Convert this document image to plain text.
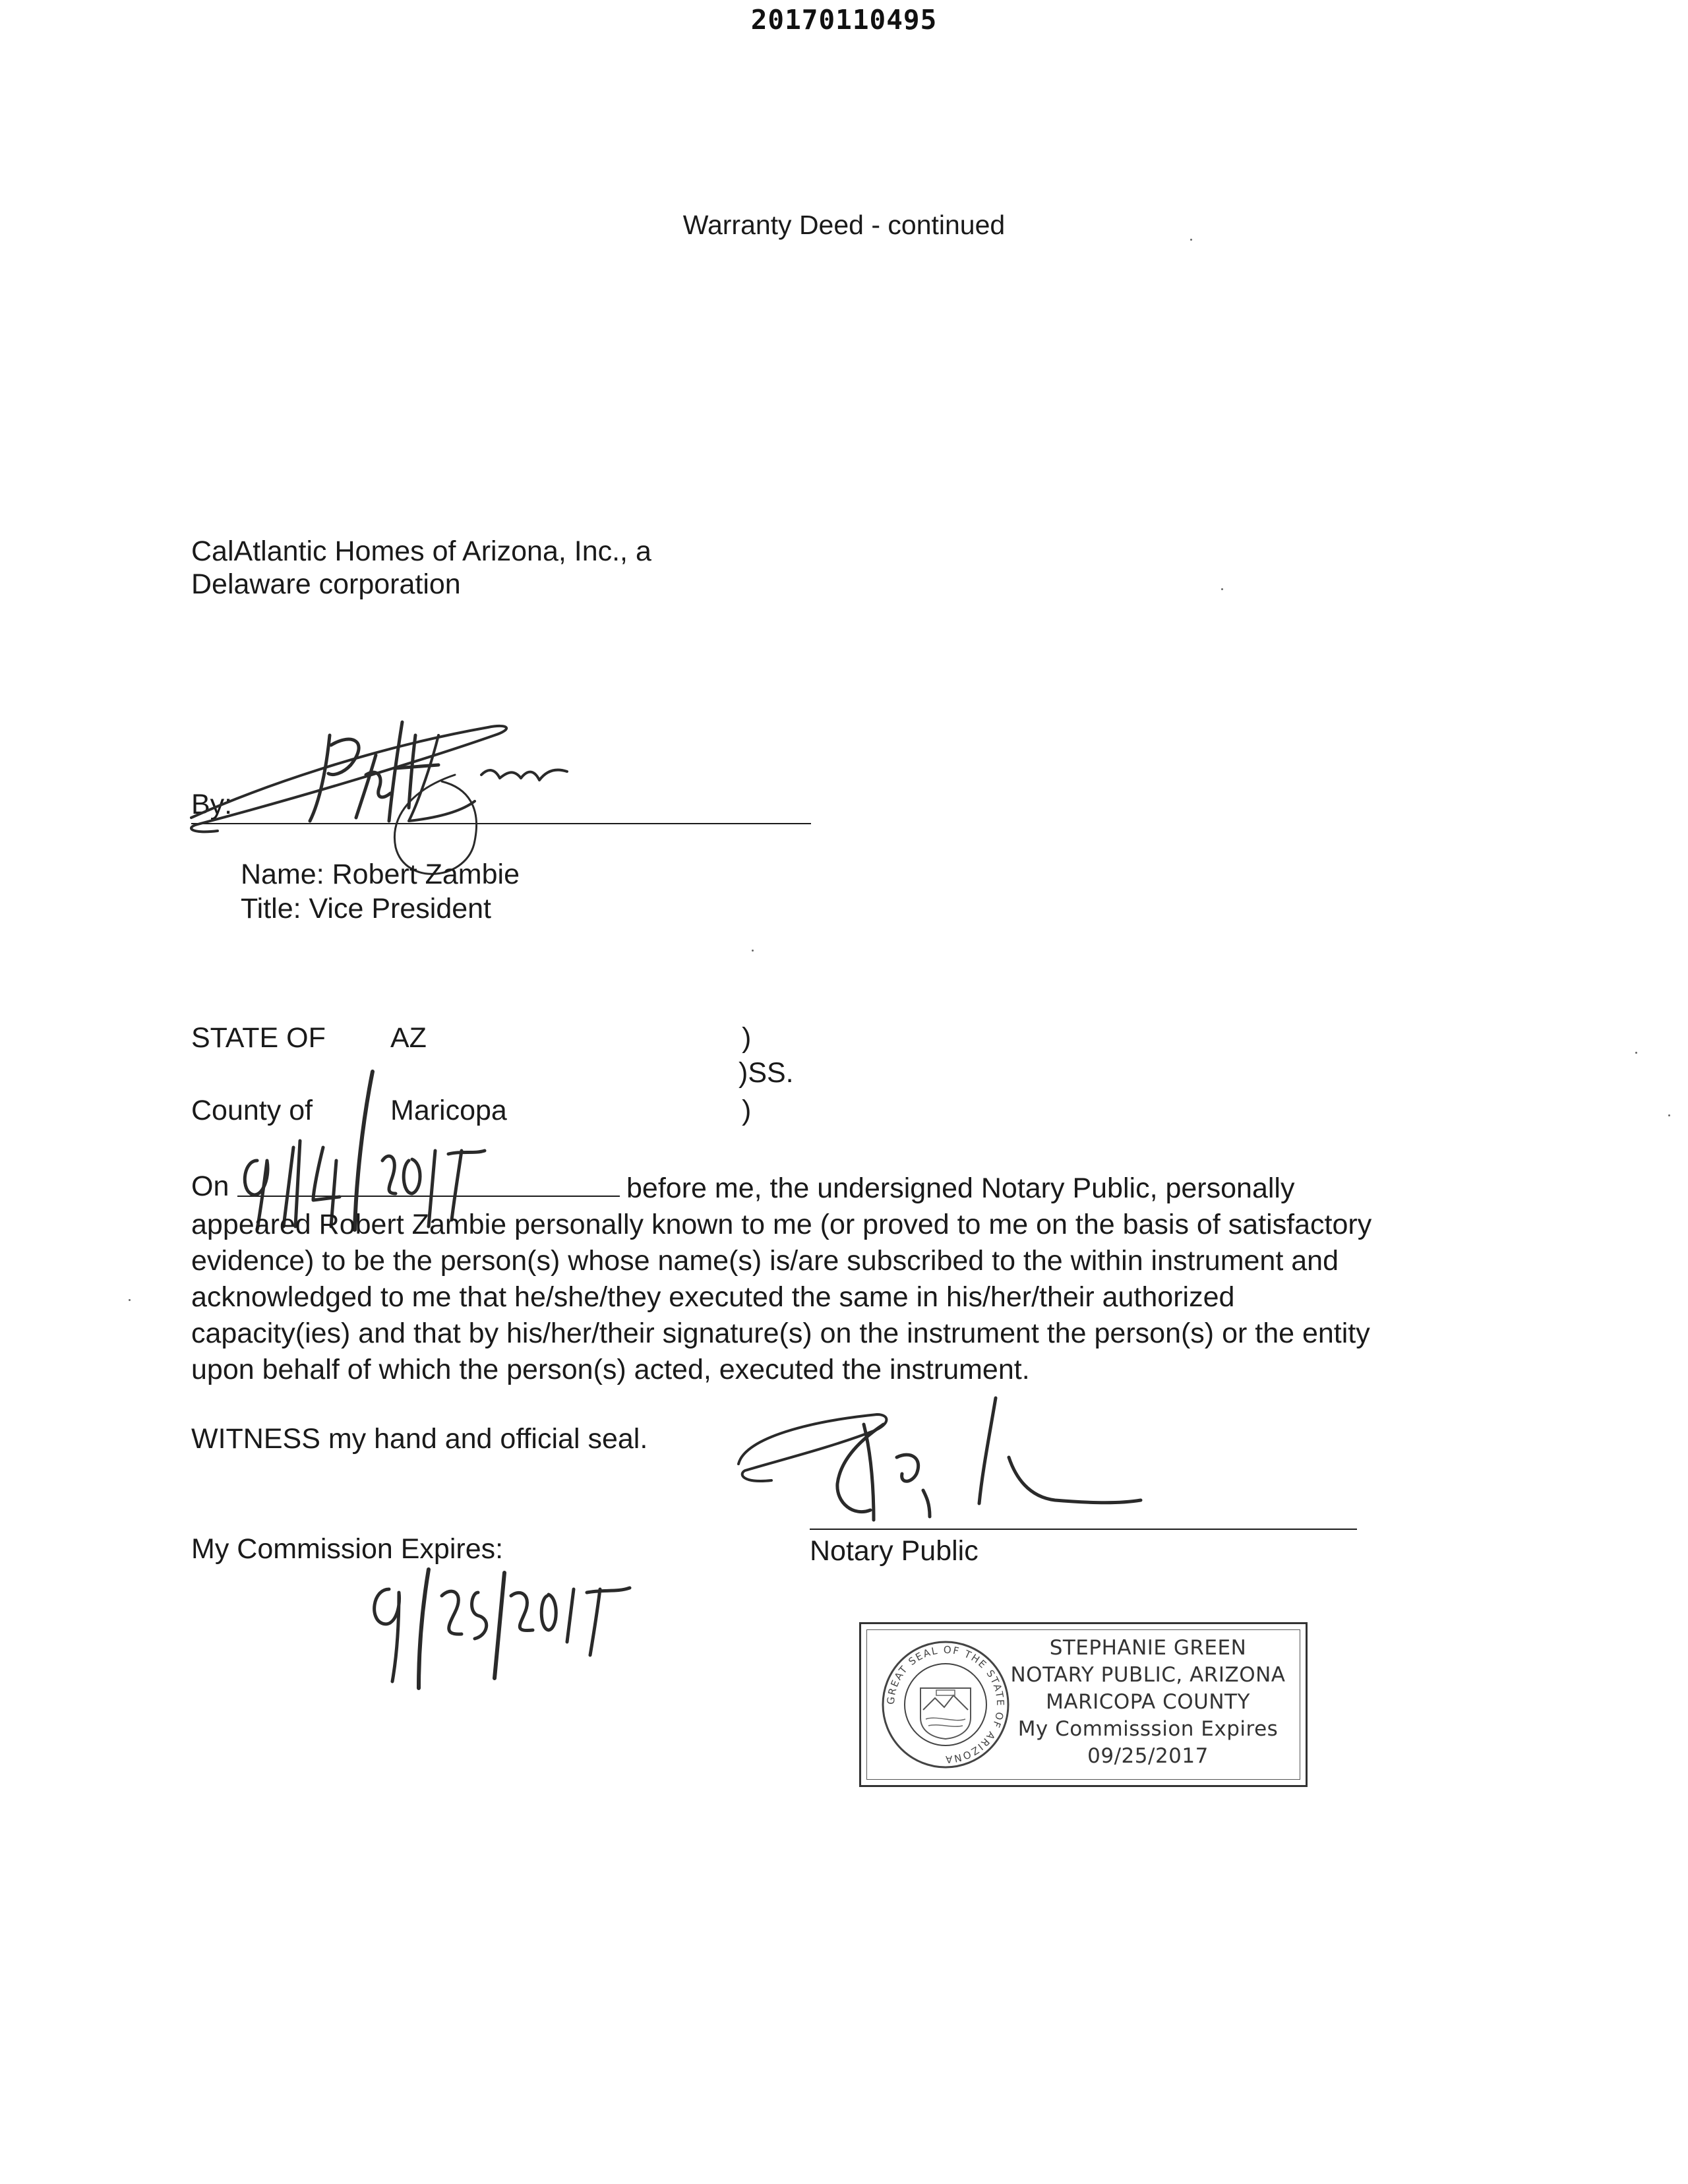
20170110495
Warranty Deed - continued
CalAtlantic Homes of Arizona, Inc., a
Delaware corporation
By:
Name: Robert Zambie
Title: Vice President
STATE OF AZ	)
)SS.
County of	Maricopa	)
On	before me, the undersigned Notary Public, personally
appeared Robert Zambie personally known to me (or proved to me on the basis of satisfactory
evidence) to be the person(s) whose name(s) is/are subscribed to the within instrument and
acknowledged to me that he/she/they executed the same in his/her/their authorized
capacity(ies) and that by his/her/their signature(s) on the instrument the person(s) or the entity
upon behalf of which the person(s) acted, executed the instrument.
WITNESS my hand and official seal.
My Commission Expires:	Notary Public
GREAT SEAL OF THE STATE OF ARIZONA
STEPHANIE GREEN
NOTARY PUBLIC, ARIZONA
MARICOPA COUNTY
My Commisssion Expires
09/25/2017
